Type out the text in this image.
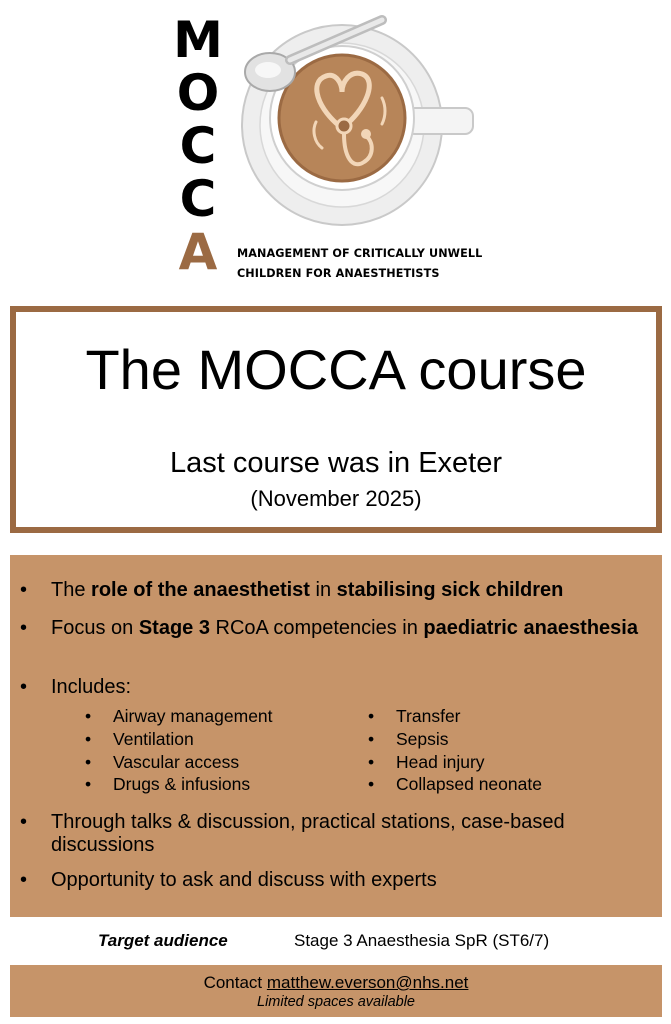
M
O
C
C
A	MANAGEMENT OF CRITICALLY UNWELL
CHILDREN FOR ANAESTHETISTS
The MOCCA course
Last course was in Exeter
(November 2025)
• The role of the anaesthetist in stabilising sick children
• Focus on Stage 3 RCoA competencies in paediatric anaesthesia
• Includes:
• Airway management
• Ventilation
• Vascular access
• Drugs & infusions
• Transfer
• Sepsis
• Head injury
• Collapsed neonate
• Through talks & discussion, practical stations, case-based discussions
• Opportunity to ask and discuss with experts
Target audience	Stage 3 Anaesthesia SpR (ST6/7)
Contact matthew.everson@nhs.net
Limited spaces available
